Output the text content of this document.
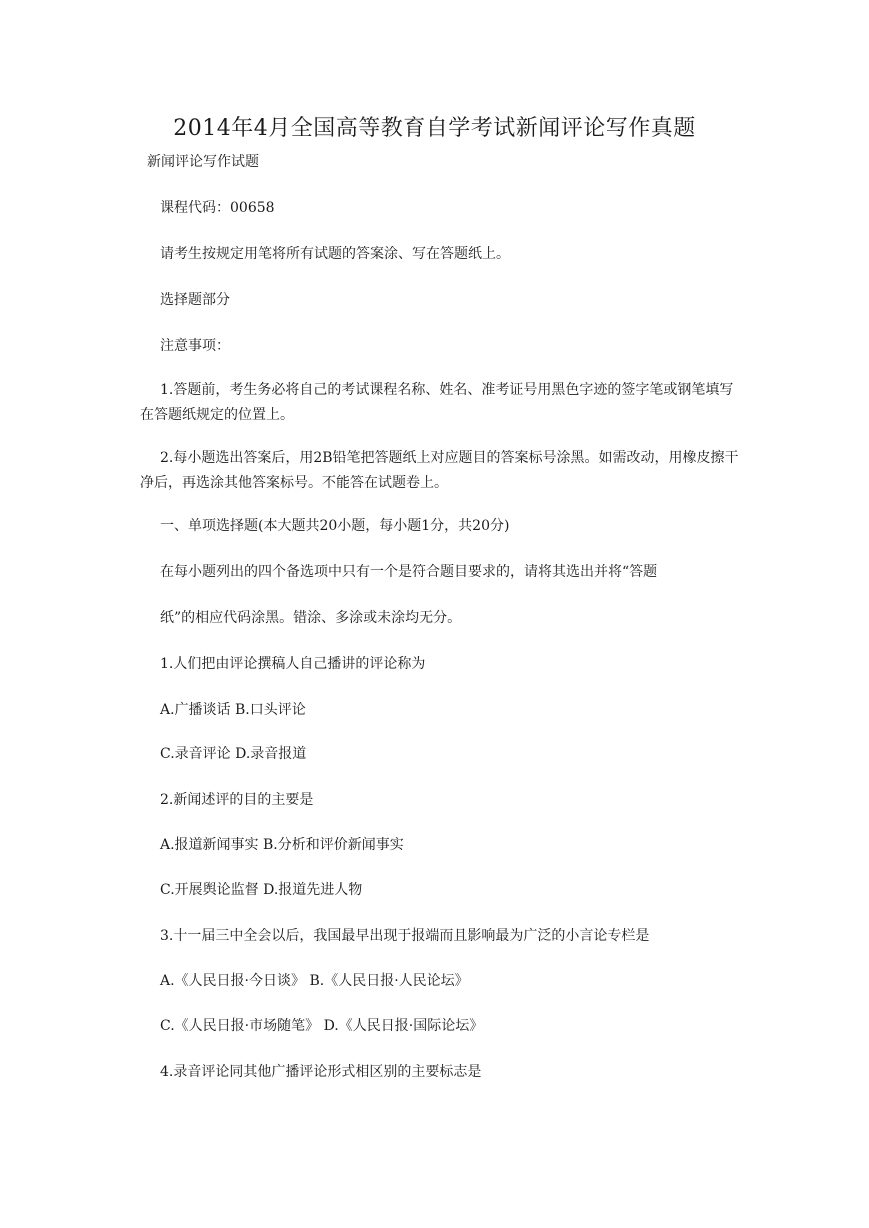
2014年4月全国高等教育自学考试新闻评论写作真题
新闻评论写作试题
课程代码：00658
请考生按规定用笔将所有试题的答案涂、写在答题纸上。
选择题部分
注意事项：
1.答题前，考生务必将自己的考试课程名称、姓名、准考证号用黑色字迹的签字笔或钢笔填写在答题纸规定的位置上。
2.每小题选出答案后，用2B铅笔把答题纸上对应题目的答案标号涂黑。如需改动，用橡皮擦干净后，再选涂其他答案标号。不能答在试题卷上。
一、单项选择题(本大题共20小题，每小题1分，共20分)
在每小题列出的四个备选项中只有一个是符合题目要求的，请将其选出并将“答题
纸”的相应代码涂黑。错涂、多涂或未涂均无分。
1.人们把由评论撰稿人自己播讲的评论称为
A.广播谈话 B.口头评论
C.录音评论 D.录音报道
2.新闻述评的目的主要是
A.报道新闻事实 B.分析和评价新闻事实
C.开展舆论监督 D.报道先进人物
3.十一届三中全会以后，我国最早出现于报端而且影响最为广泛的小言论专栏是
A.《人民日报·今日谈》 B.《人民日报·人民论坛》
C.《人民日报·市场随笔》 D.《人民日报·国际论坛》
4.录音评论同其他广播评论形式相区别的主要标志是
